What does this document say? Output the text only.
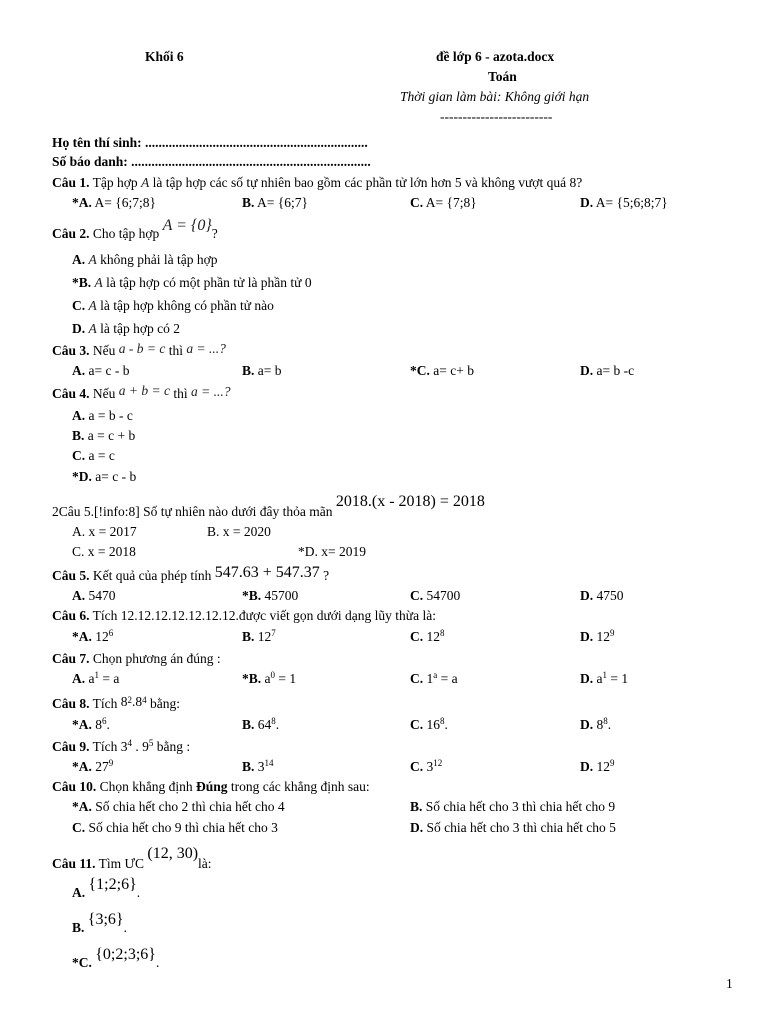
Khối 6	đề lớp 6 - azota.docx
Toán
Thời gian làm bài: Không giới hạn
-------------------------
Họ tên thí sinh: ..................................................................
Số báo danh: .......................................................................
Câu 1. Tập hợp A là tập hợp các số tự nhiên bao gồm các phần tử lớn hơn 5 và không vượt quá 8?
*A. A= {6;7;8}	B. A= {6;7}	C. A= {7;8}	D. A= {5;6;8;7}
Câu 2. Cho tập hợp A = {0}?
A. A không phải là tập hợp
*B. A là tập hợp có một phần tử là phần tử 0
C. A là tập hợp không có phần tử nào
D. A là tập hợp có 2
Câu 3. Nếu a - b = c thì a = ...?
A. a= c - b	B. a= b	*C. a= c+ b	D. a= b -c
Câu 4. Nếu a + b = c thì a = ...?
A. a = b - c
B. a = c + b
C. a = c
*D. a= c - b
2Câu 5.[!info:8] Số tự nhiên nào dưới đây thỏa mãn 2018.(x - 2018) = 2018
A. x = 2017	B. x = 2020
C. x = 2018	*D. x= 2019
Câu 5. Kết quả của phép tính 547.63 + 547.37 ?
A. 5470	*B. 45700	C. 54700	D. 4750
Câu 6. Tích 12.12.12.12.12.12.12.được viết gọn dưới dạng lũy thừa là:
*A. $12^6$	B. $12^7$	C. $12^8$	D. $12^9$
Câu 7. Chọn phương án đúng :
A. $a^1 = a$	*B. $a^0 = 1$	C. $1^a = a$	D. $a^1 = 1$
Câu 8. Tích $8^2.8^4$ bằng:
*A. $8^6$.	B. $64^8$.	C. $16^8$.	D. $8^8$.
Câu 9. Tích $3^4$ . $9^5$ bằng :
*A. $27^9$	B. $3^{14}$	C. $3^{12}$	D. $12^9$
Câu 10. Chọn khẳng định Đúng trong các khẳng định sau:
*A. Số chia hết cho 2 thì chia hết cho 4	B. Số chia hết cho 3 thì chia hết cho 9
C. Số chia hết cho 9 thì chia hết cho 3	D. Số chia hết cho 3 thì chia hết cho 5
Câu 11. Tìm ƯC (12, 30)là:
A. {1;2;6}.
B. {3;6}.
*C. {0;2;3;6}.
1
